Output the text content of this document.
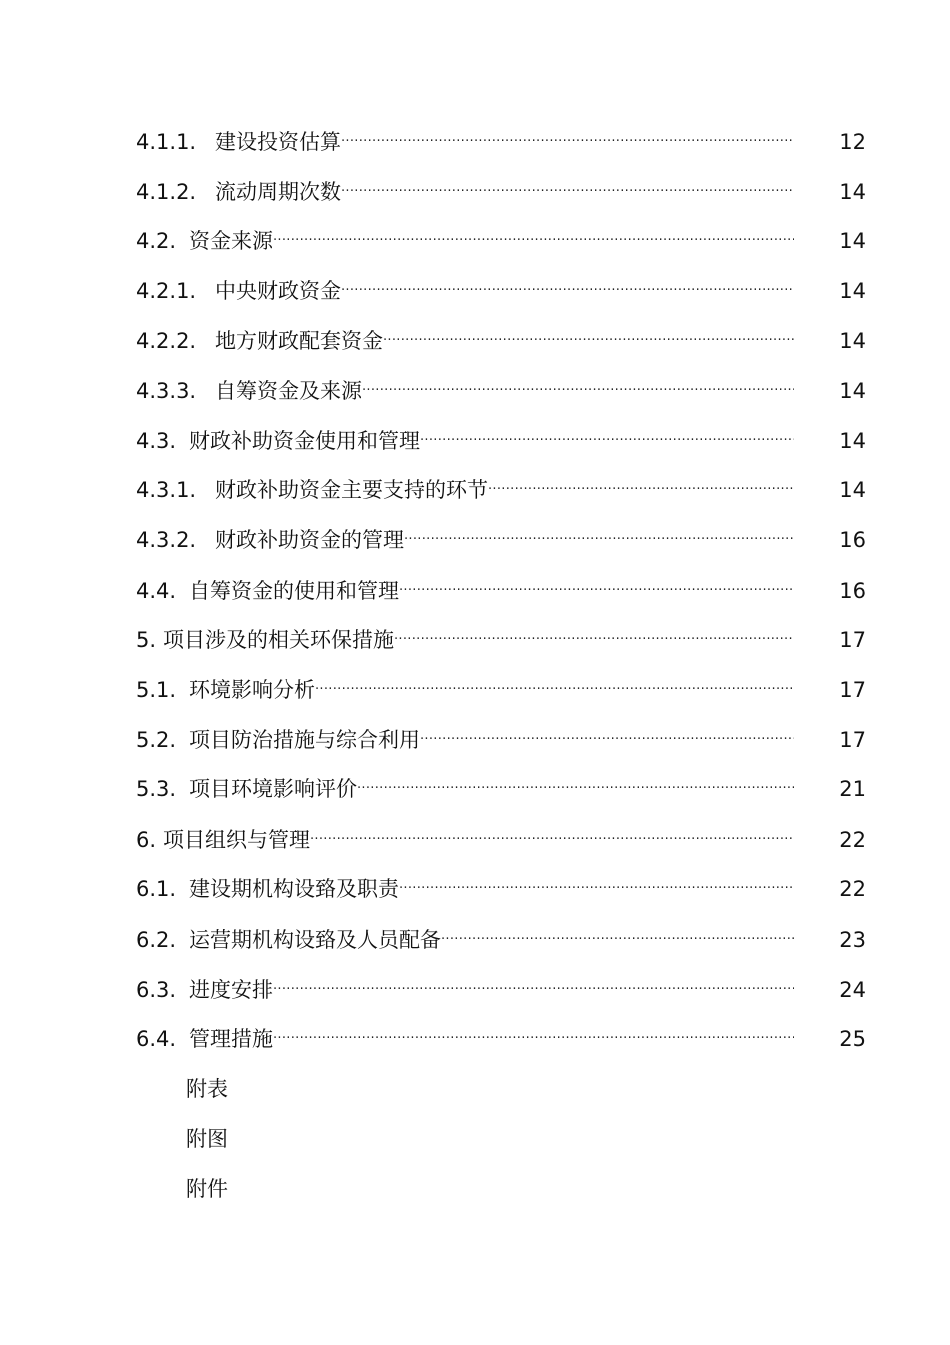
4.1.1. 建设投资估算 ·····	12
4.1.2. 流动周期次数 ·····	14
4.2. 资金来源 ·····	14
4.2.1. 中央财政资金 ·····	14
4.2.2. 地方财政配套资金 ·····	14
4.3.3. 自筹资金及来源 ·····	14
4.3. 财政补助资金使用和管理 ·····	14
4.3.1. 财政补助资金主要支持的环节 ·····	14
4.3.2. 财政补助资金的管理 ·····	16
4.4. 自筹资金的使用和管理 ·····	16
5. 项目涉及的相关环保措施 ·····	17
5.1. 环境影响分析 ·····	17
5.2. 项目防治措施与综合利用 ·····	17
5.3. 项目环境影响评价 ·····	21
6. 项目组织与管理 ·····	22
6.1. 建设期机构设臵及职责 ·····	22
6.2. 运营期机构设臵及人员配备 ·····	23
6.3. 进度安排 ·····	24
6.4. 管理措施 ·····	25
附表
附图
附件
